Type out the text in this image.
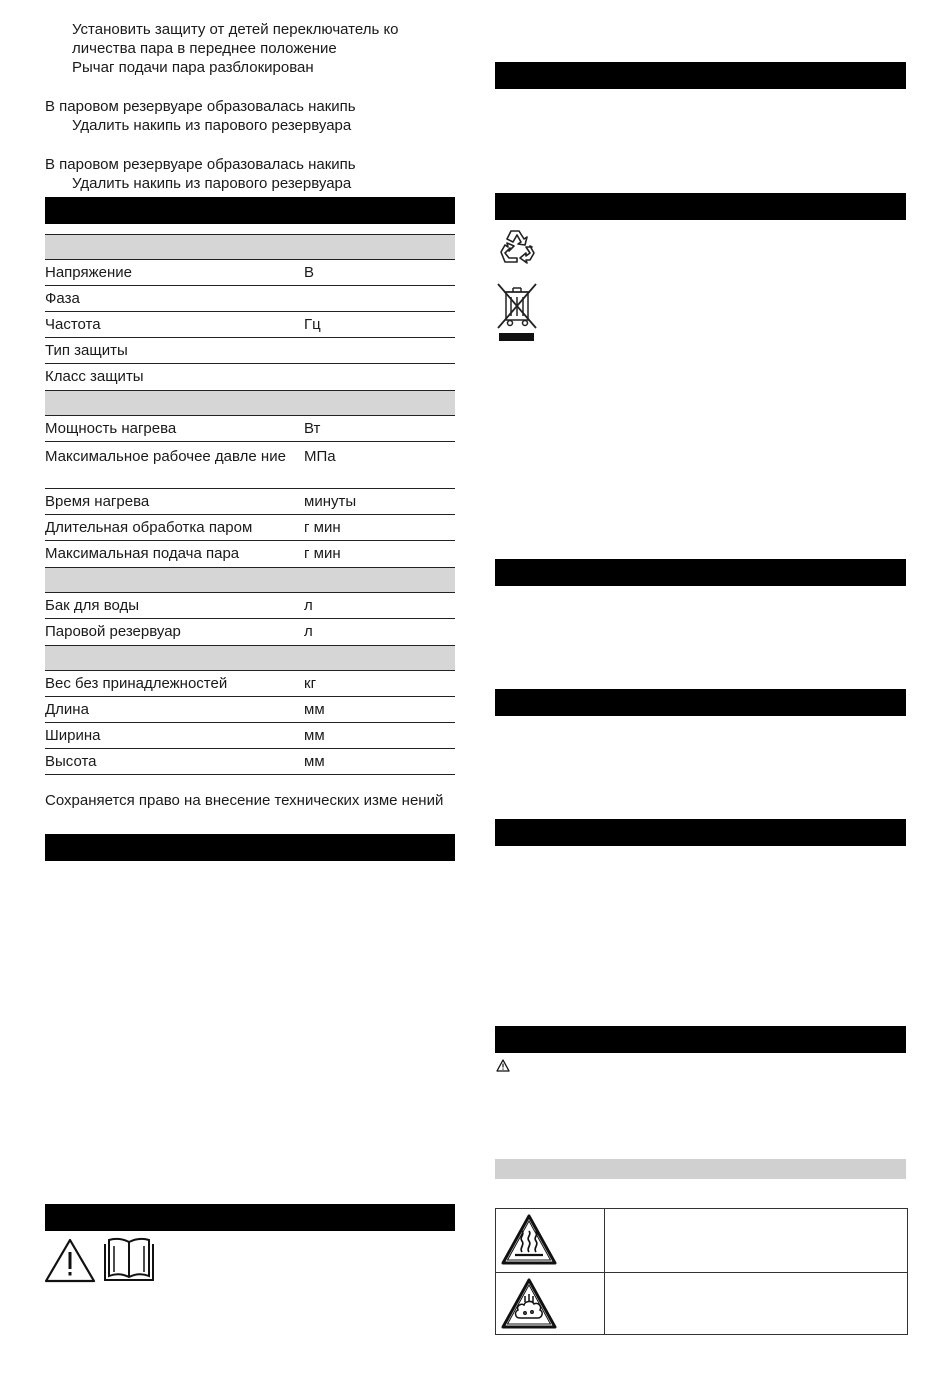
Установить защиту от детей переключатель ко
личества пара в переднее положение
Рычаг подачи пара разблокирован
В паровом резервуаре образовалась накипь
Удалить накипь из парового резервуара
В паровом резервуаре образовалась накипь
Удалить накипь из парового резервуара
Напряжение	В
Фаза
Частота	Гц
Тип защиты
Класс защиты
Мощность нагрева	Вт
Максимальное рабочее давле ние	МПа
Время нагрева	минуты
Длительная обработка паром	г мин
Максимальная подача пара	г мин
Бак для воды	л
Паровой резервуар	л
Вес без принадлежностей	кг
Длина	мм
Ширина	мм
Высота	мм
Сохраняется право на внесение технических изме нений
